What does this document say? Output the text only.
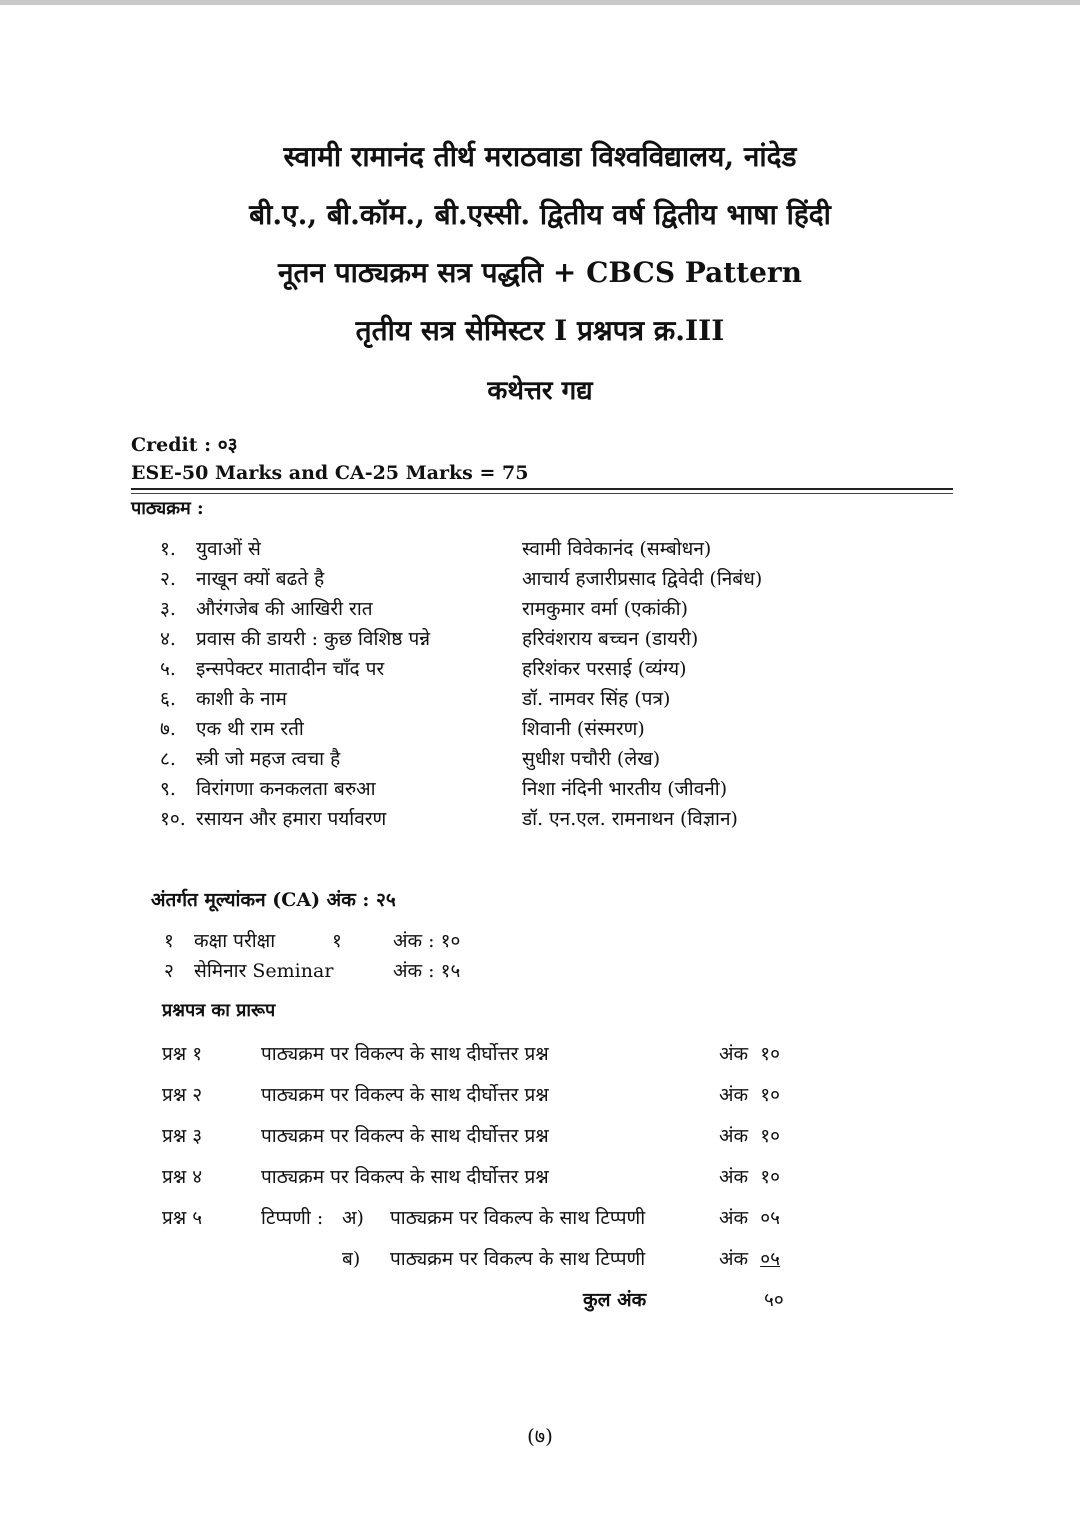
स्वामी रामानंद तीर्थ मराठवाडा विश्वविद्यालय, नांदेड
बी.ए., बी.कॉम., बी.एस्सी. द्वितीय वर्ष द्वितीय भाषा हिंदी
नूतन पाठ्यक्रम सत्र पद्धति + CBCS Pattern
तृतीय सत्र सेमिस्टर I प्रश्नपत्र क्र.III
कथेत्तर गद्य
Credit : ०३
ESE-50 Marks and CA-25 Marks = 75
पाठ्यक्रम :
१. युवाओं से	स्वामी विवेकानंद (सम्बोधन)
२. नाखून क्यों बढते है	आचार्य हजारीप्रसाद द्विवेदी (निबंध)
३. औरंगजेब की आखिरी रात	रामकुमार वर्मा (एकांकी)
४. प्रवास की डायरी : कुछ विशिष्ठ पन्ने	हरिवंशराय बच्चन (डायरी)
५. इन्सपेक्टर मातादीन चाँद पर	हरिशंकर परसाई (व्यंग्य)
६. काशी के नाम	डॉ. नामवर सिंह (पत्र)
७. एक थी राम रती	शिवानी (संस्मरण)
८. स्त्री जो महज त्वचा है	सुधीश पचौरी (लेख)
९. विरांगणा कनकलता बरुआ	निशा नंदिनी भारतीय (जीवनी)
१०. रसायन और हमारा पर्यावरण	डॉ. एन.एल. रामनाथन (विज्ञान)
अंतर्गत मूल्यांकन (CA) अंक : २५
१ कक्षा परीक्षा	१	अंक : १०
२ सेमिनार Seminar	अंक : १५
प्रश्नपत्र का प्रारूप
प्रश्न १	पाठ्यक्रम पर विकल्प के साथ दीर्घोत्तर प्रश्न	अंक १०
प्रश्न २	पाठ्यक्रम पर विकल्प के साथ दीर्घोत्तर प्रश्न	अंक १०
प्रश्न ३	पाठ्यक्रम पर विकल्प के साथ दीर्घोत्तर प्रश्न	अंक १०
प्रश्न ४	पाठ्यक्रम पर विकल्प के साथ दीर्घोत्तर प्रश्न	अंक १०
प्रश्न ५	टिप्पणी : अ) पाठ्यक्रम पर विकल्प के साथ टिप्पणी	अंक ०५
ब) पाठ्यक्रम पर विकल्प के साथ टिप्पणी	अंक ०५
कुल अंक	५०
(७)
